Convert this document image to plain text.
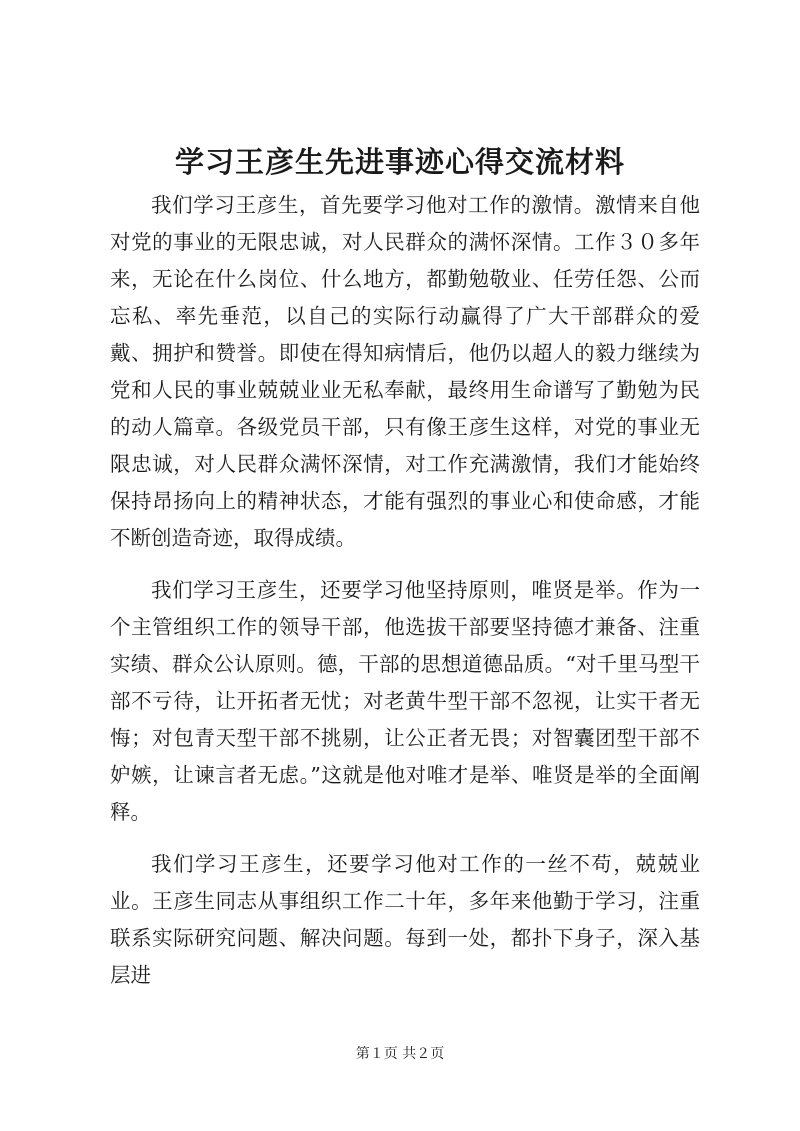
学习王彦生先进事迹心得交流材料

我们学习王彦生，首先要学习他对工作的激情。激情来自他对党的事业的无限忠诚，对人民群众的满怀深情。工作３０多年来，无论在什么岗位、什么地方，都勤勉敬业、任劳任怨、公而忘私、率先垂范，以自己的实际行动赢得了广大干部群众的爱戴、拥护和赞誉。即使在得知病情后，他仍以超人的毅力继续为党和人民的事业兢兢业业无私奉献，最终用生命谱写了勤勉为民的动人篇章。各级党员干部，只有像王彦生这样，对党的事业无限忠诚，对人民群众满怀深情，对工作充满激情，我们才能始终保持昂扬向上的精神状态，才能有强烈的事业心和使命感，才能不断创造奇迹，取得成绩。

我们学习王彦生，还要学习他坚持原则，唯贤是举。作为一个主管组织工作的领导干部，他选拔干部要坚持德才兼备、注重实绩、群众公认原则。德，干部的思想道德品质。“对千里马型干部不亏待，让开拓者无忧；对老黄牛型干部不忽视，让实干者无悔；对包青天型干部不挑剔，让公正者无畏；对智囊团型干部不妒嫉，让谏言者无虑。”这就是他对唯才是举、唯贤是举的全面阐释。

我们学习王彦生，还要学习他对工作的一丝不苟，兢兢业业。王彦生同志从事组织工作二十年，多年来他勤于学习，注重联系实际研究问题、解决问题。每到一处，都扑下身子，深入基层进

第１页 共２页
